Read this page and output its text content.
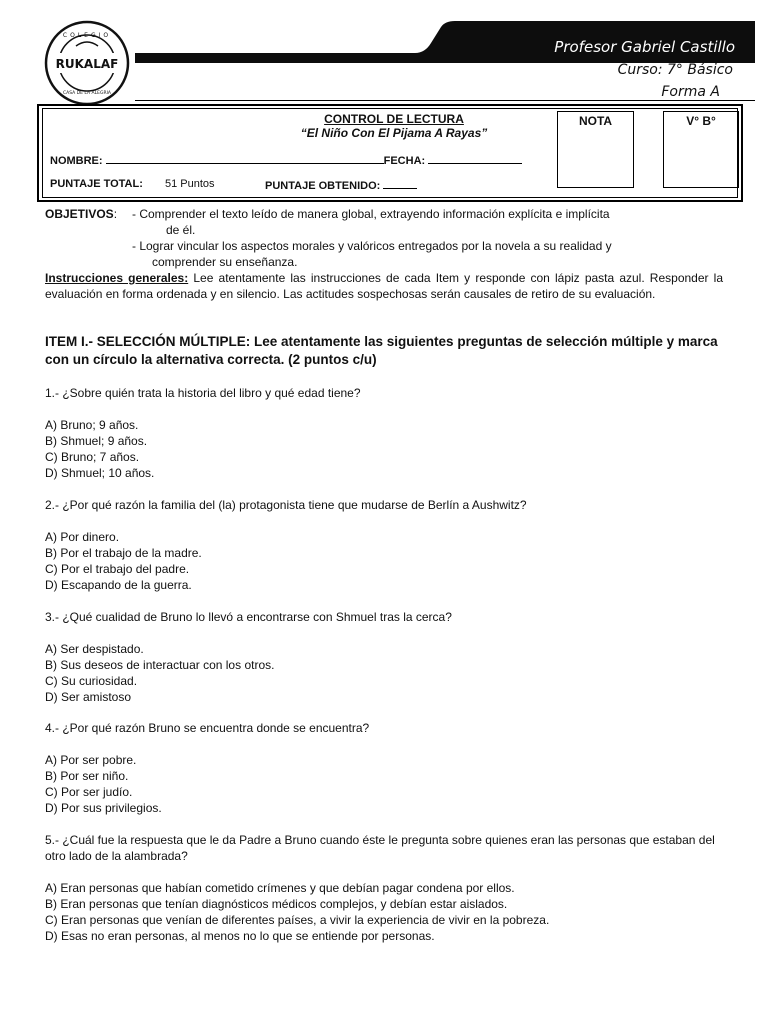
RUKALAF
COLEGIO
CASA DE LA ALEGRIA
Profesor Gabriel Castillo
Curso: 7° Básico
Forma A
CONTROL DE LECTURA
“El Niño Con El Pijama A Rayas”
NOTA	V° B°
NOMBRE:	FECHA:
PUNTAJE TOTAL: 51 Puntos	PUNTAJE OBTENIDO:
OBJETIVOS: - Comprender el texto leído de manera global, extrayendo información explícita e implícita
de él.
- Lograr vincular los aspectos morales y valóricos entregados por la novela a su realidad y
comprender su enseñanza.
Instrucciones generales: Lee atentamente las instrucciones de cada Item y responde con lápiz pasta azul. Responder la evaluación en forma ordenada y en silencio. Las actitudes sospechosas serán causales de retiro de su evaluación.
ITEM I.- SELECCIÓN MÚLTIPLE: Lee atentamente las siguientes preguntas de selección múltiple y marca con un círculo la alternativa correcta. (2 puntos c/u)
1.- ¿Sobre quién trata la historia del libro y qué edad tiene?
A) Bruno; 9 años.
B) Shmuel; 9 años.
C) Bruno; 7 años.
D) Shmuel; 10 años.
2.- ¿Por qué razón la familia del (la) protagonista tiene que mudarse de Berlín a Aushwitz?
A) Por dinero.
B) Por el trabajo de la madre.
C) Por el trabajo del padre.
D) Escapando de la guerra.
3.- ¿Qué cualidad de Bruno lo llevó a encontrarse con Shmuel tras la cerca?
A) Ser despistado.
B) Sus deseos de interactuar con los otros.
C) Su curiosidad.
D) Ser amistoso
4.- ¿Por qué razón Bruno se encuentra donde se encuentra?
A) Por ser pobre.
B) Por ser niño.
C) Por ser judío.
D) Por sus privilegios.
5.- ¿Cuál fue la respuesta que le da Padre a Bruno cuando éste le pregunta sobre quienes eran las personas que estaban del otro lado de la alambrada?
A) Eran personas que habían cometido crímenes y que debían pagar condena por ellos.
B) Eran personas que tenían diagnósticos médicos complejos, y debían estar aislados.
C) Eran personas que venían de diferentes países, a vivir la experiencia de vivir en la pobreza.
D) Esas no eran personas, al menos no lo que se entiende por personas.
